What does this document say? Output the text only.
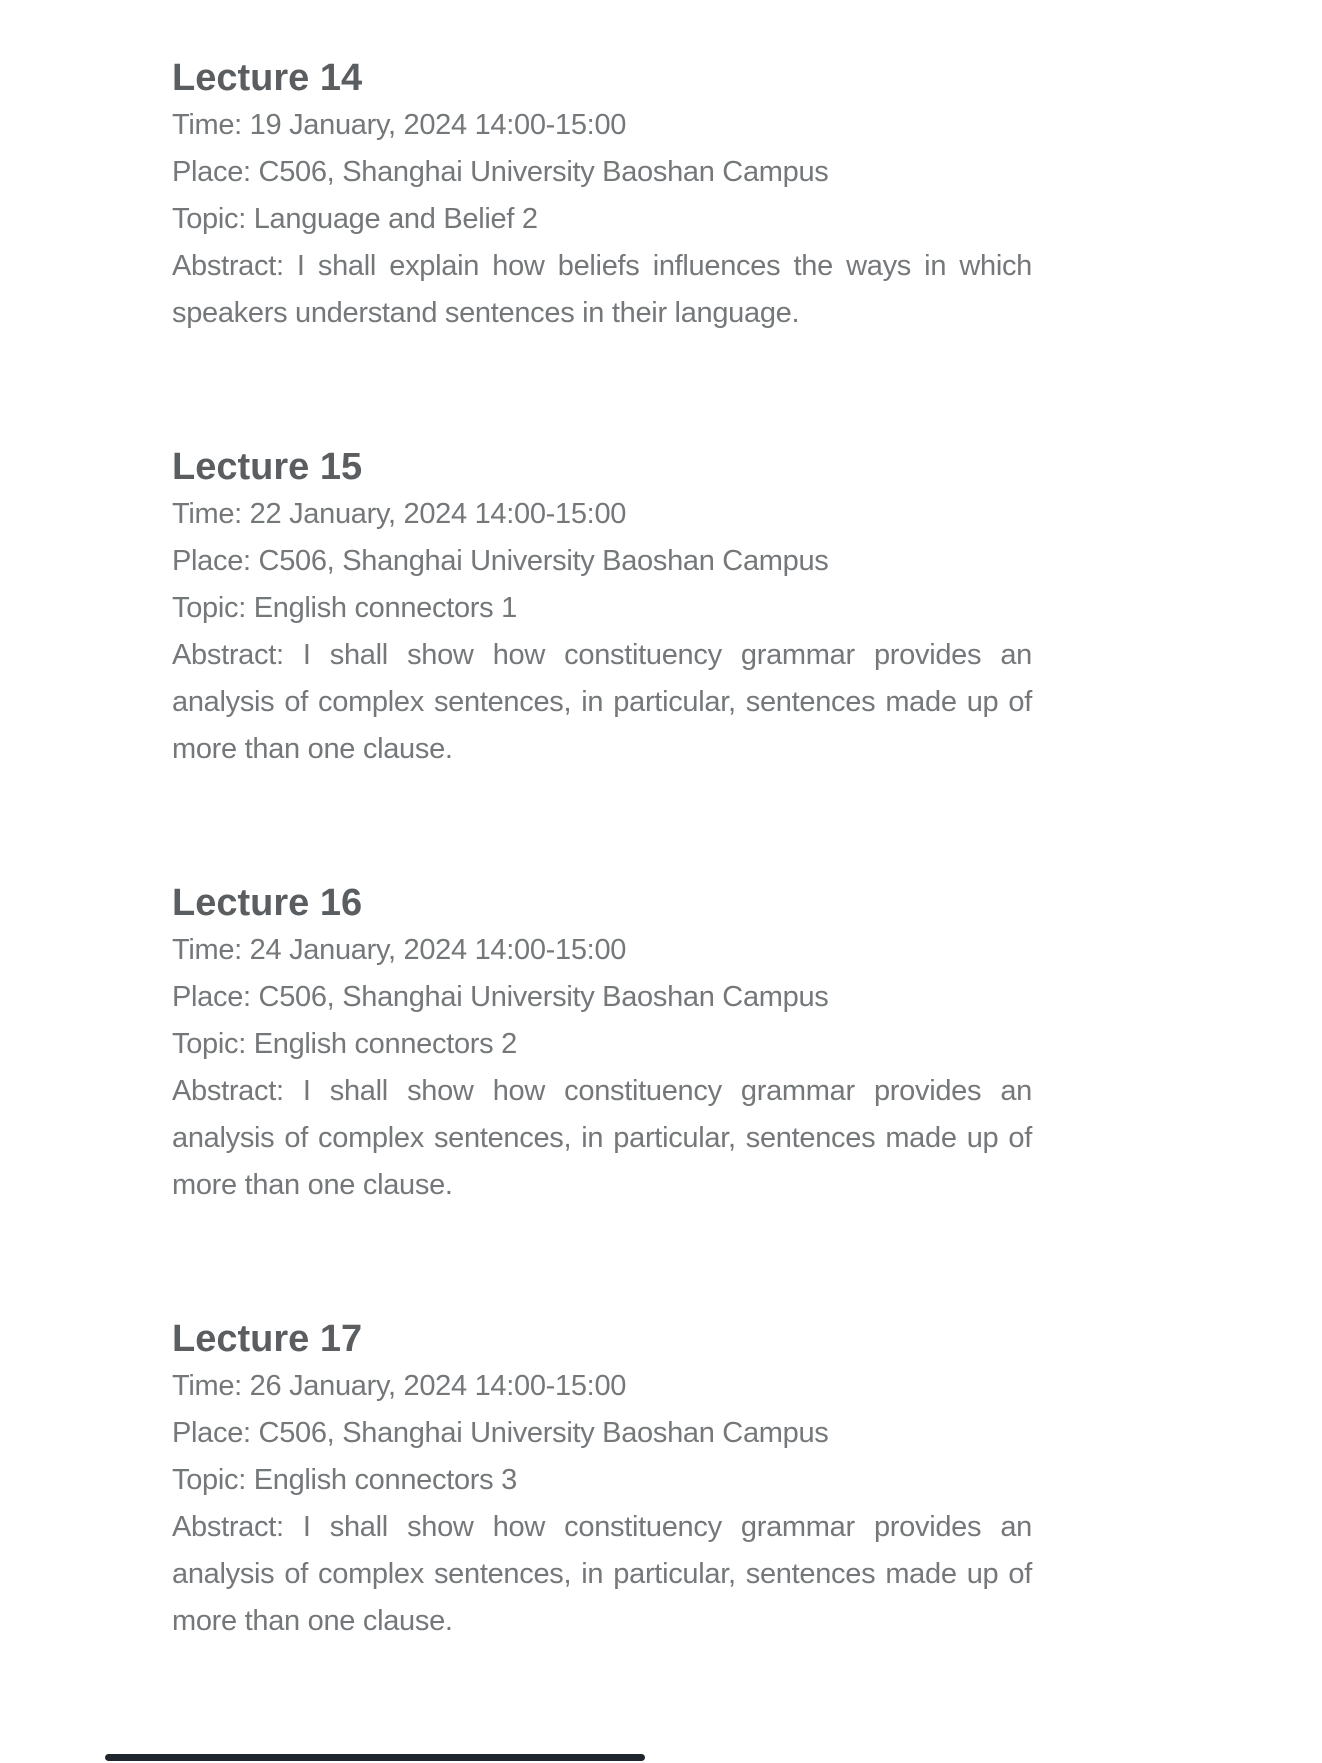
Lecture 14
Time: 19 January, 2024 14:00-15:00
Place: C506, Shanghai University Baoshan Campus
Topic: Language and Belief 2
Abstract: I shall explain how beliefs influences the ways in which speakers understand sentences in their language.
Lecture 15
Time: 22 January, 2024 14:00-15:00
Place: C506, Shanghai University Baoshan Campus
Topic: English connectors 1
Abstract: I shall show how constituency grammar provides an analysis of complex sentences, in particular, sentences made up of more than one clause.
Lecture 16
Time: 24 January, 2024 14:00-15:00
Place: C506, Shanghai University Baoshan Campus
Topic: English connectors 2
Abstract: I shall show how constituency grammar provides an analysis of complex sentences, in particular, sentences made up of more than one clause.
Lecture 17
Time: 26 January, 2024 14:00-15:00
Place: C506, Shanghai University Baoshan Campus
Topic: English connectors 3
Abstract: I shall show how constituency grammar provides an analysis of complex sentences, in particular, sentences made up of more than one clause.
